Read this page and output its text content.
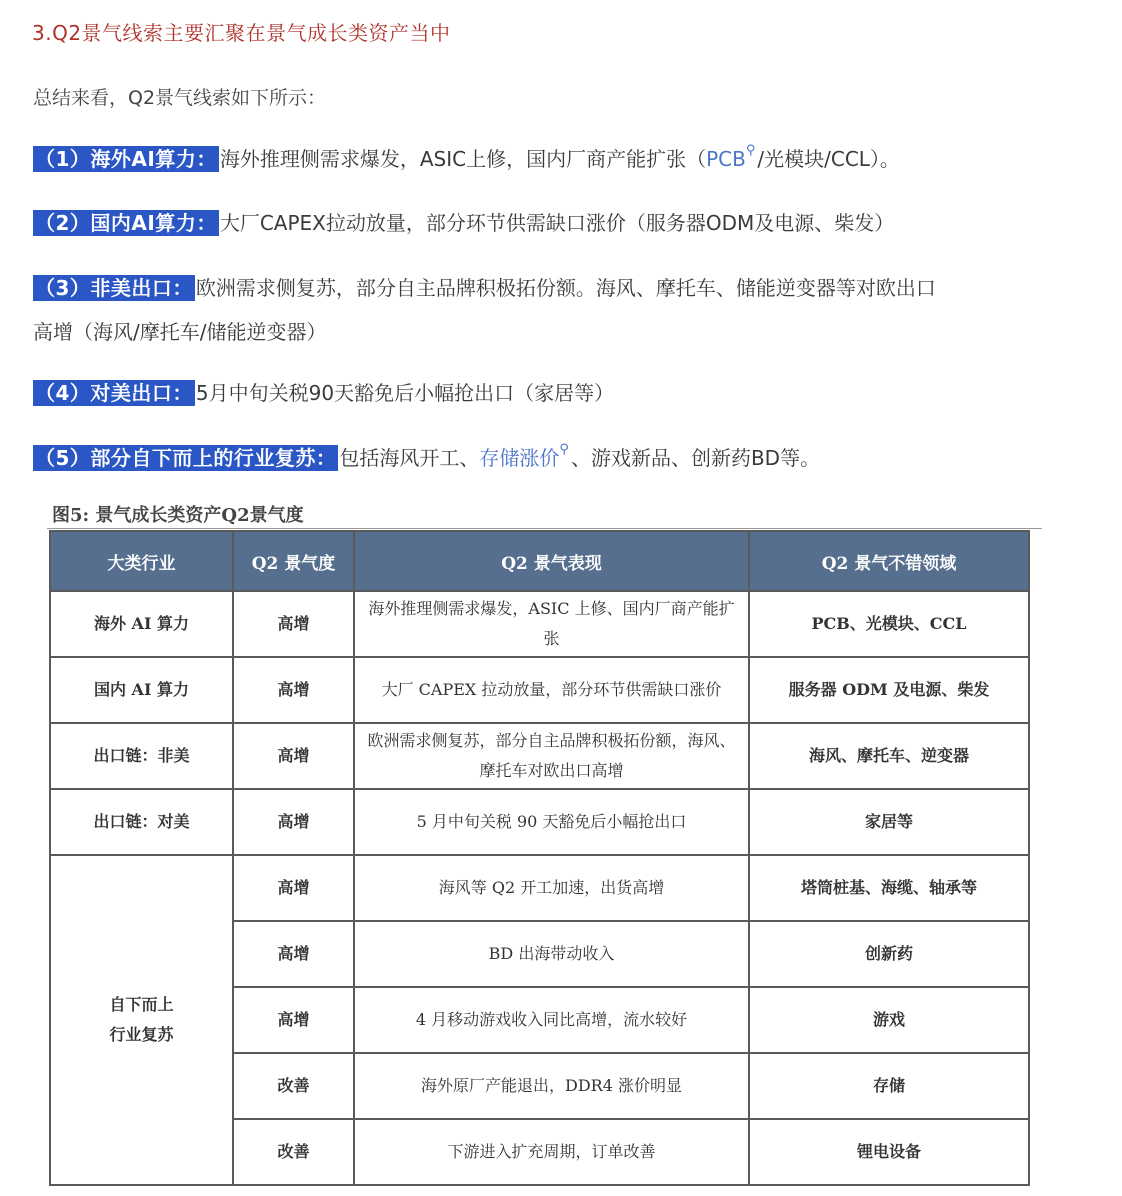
3.Q2景气线索主要汇聚在景气成长类资产当中
总结来看，Q2景气线索如下所示：
（1）海外AI算力： 海外推理侧需求爆发，ASIC上修，国内厂商产能扩张（PCB⚲ /光模块/CCL）。
（2）国内AI算力： 大厂CAPEX拉动放量，部分环节供需缺口涨价（服务器ODM及电源、柴发）
（3）非美出口： 欧洲需求侧复苏，部分自主品牌积极拓份额。海风、摩托车、储能逆变器等对欧出口
高增（海风/摩托车/储能逆变器）
（4）对美出口： 5月中旬关税90天豁免后小幅抢出口（家居等）
（5）部分自下而上的行业复苏： 包括海风开工、存储涨价⚲ 、游戏新品、创新药BD等。
图5: 景气成长类资产Q2景气度
大类行业	Q2 景气度	Q2 景气表现	Q2 景气不错领域
海外 AI 算力	高增	海外推理侧需求爆发，ASIC 上修、国内厂商产能扩张	PCB、光模块、CCL
国内 AI 算力	高增	大厂 CAPEX 拉动放量，部分环节供需缺口涨价	服务器 ODM 及电源、柴发
出口链：非美	高增	欧洲需求侧复苏，部分自主品牌积极拓份额，海风、摩托车对欧出口高增	海风、摩托车、逆变器
出口链：对美	高增	5 月中旬关税 90 天豁免后小幅抢出口	家居等

自下而上
行业复苏	高增	海风等 Q2 开工加速，出货高增	塔筒桩基、海缆、轴承等
	高增	BD 出海带动收入	创新药
	高增	4 月移动游戏收入同比高增，流水较好	游戏
	改善	海外原厂产能退出，DDR4 涨价明显	存储
	改善	下游进入扩充周期，订单改善	锂电设备
